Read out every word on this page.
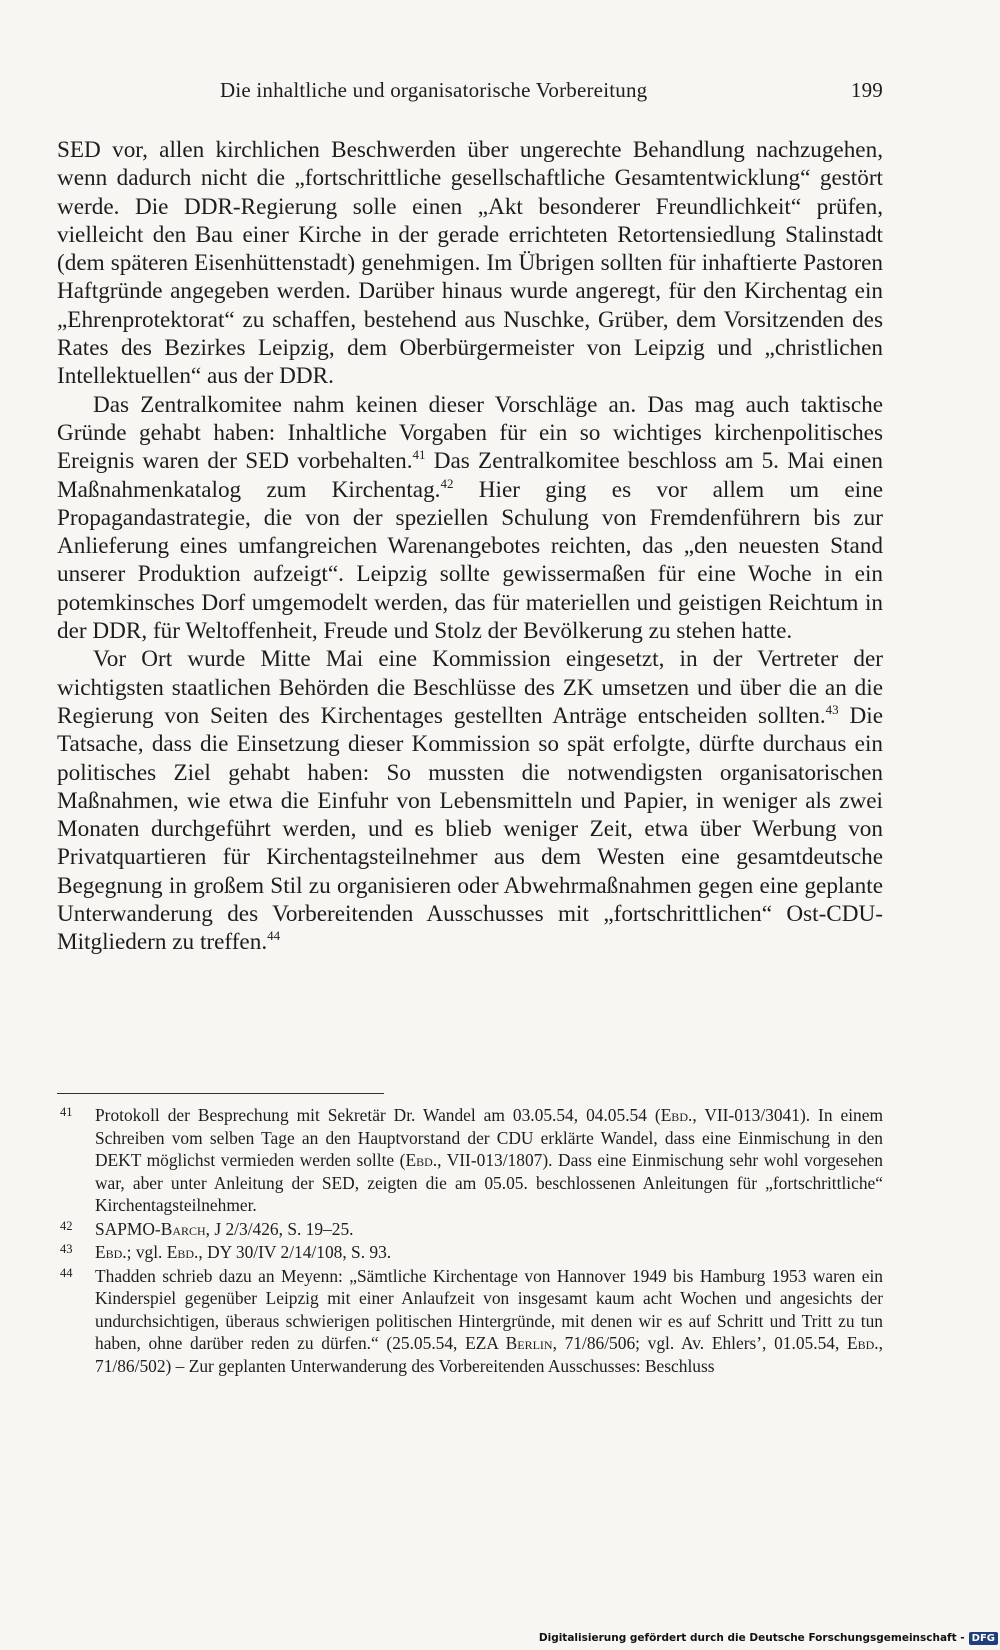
Die inhaltliche und organisatorische Vorbereitung	199

SED vor, allen kirchlichen Beschwerden über ungerechte Behandlung nachzugehen, wenn dadurch nicht die „fortschrittliche gesellschaftliche Gesamtentwicklung“ gestört werde. Die DDR-Regierung solle einen „Akt besonderer Freundlichkeit“ prüfen, vielleicht den Bau einer Kirche in der gerade errichteten Retortensiedlung Stalinstadt (dem späteren Eisenhüttenstadt) genehmigen. Im Übrigen sollten für inhaftierte Pastoren Haftgründe angegeben werden. Darüber hinaus wurde angeregt, für den Kirchentag ein „Ehrenprotektorat“ zu schaffen, bestehend aus Nuschke, Grüber, dem Vorsitzenden des Rates des Bezirkes Leipzig, dem Oberbürgermeister von Leipzig und „christlichen Intellektuellen“ aus der DDR.

Das Zentralkomitee nahm keinen dieser Vorschläge an. Das mag auch taktische Gründe gehabt haben: Inhaltliche Vorgaben für ein so wichtiges kirchenpolitisches Ereignis waren der SED vorbehalten.$^{41}$ Das Zentralkomitee beschloss am 5. Mai einen Maßnahmenkatalog zum Kirchentag.$^{42}$ Hier ging es vor allem um eine Propagandastrategie, die von der speziellen Schulung von Fremdenführern bis zur Anlieferung eines umfangreichen Warenangebotes reichten, das „den neuesten Stand unserer Produktion aufzeigt“. Leipzig sollte gewissermaßen für eine Woche in ein potemkinsches Dorf umgemodelt werden, das für materiellen und geistigen Reichtum in der DDR, für Weltoffenheit, Freude und Stolz der Bevölkerung zu stehen hatte.

Vor Ort wurde Mitte Mai eine Kommission eingesetzt, in der Vertreter der wichtigsten staatlichen Behörden die Beschlüsse des ZK umsetzen und über die an die Regierung von Seiten des Kirchentages gestellten Anträge entscheiden sollten.$^{43}$ Die Tatsache, dass die Einsetzung dieser Kommission so spät erfolgte, dürfte durchaus ein politisches Ziel gehabt haben: So mussten die notwendigsten organisatorischen Maßnahmen, wie etwa die Einfuhr von Lebensmitteln und Papier, in weniger als zwei Monaten durchgeführt werden, und es blieb weniger Zeit, etwa über Werbung von Privatquartieren für Kirchentagsteilnehmer aus dem Westen eine gesamtdeutsche Begegnung in großem Stil zu organisieren oder Abwehrmaßnahmen gegen eine geplante Unterwanderung des Vorbereitenden Ausschusses mit „fortschrittlichen“ Ost-CDU-Mitgliedern zu treffen.$^{44}$

41 Protokoll der Besprechung mit Sekretär Dr. Wandel am 03.05.54, 04.05.54 (Ebd., VII-013/3041). In einem Schreiben vom selben Tage an den Hauptvorstand der CDU erklärte Wandel, dass eine Einmischung in den DEKT möglichst vermieden werden sollte (Ebd., VII-013/1807). Dass eine Einmischung sehr wohl vorgesehen war, aber unter Anleitung der SED, zeigten die am 05.05. beschlossenen Anleitungen für „fortschrittliche“ Kirchentagsteilnehmer.

42 SAPMO-Barch, J 2/3/426, S. 19–25.

43 Ebd.; vgl. Ebd., DY 30/IV 2/14/108, S. 93.

44 Thadden schrieb dazu an Meyenn: „Sämtliche Kirchentage von Hannover 1949 bis Hamburg 1953 waren ein Kinderspiel gegenüber Leipzig mit einer Anlaufzeit von insgesamt kaum acht Wochen und angesichts der undurchsichtigen, überaus schwierigen politischen Hintergründe, mit denen wir es auf Schritt und Tritt zu tun haben, ohne darüber reden zu dürfen.“ (25.05.54, EZA Berlin, 71/86/506; vgl. Av. Ehlers’, 01.05.54, Ebd., 71/86/502) – Zur geplanten Unterwanderung des Vorbereitenden Ausschusses: Beschluss

Digitalisierung gefördert durch die Deutsche Forschungsgemeinschaft - DFG
